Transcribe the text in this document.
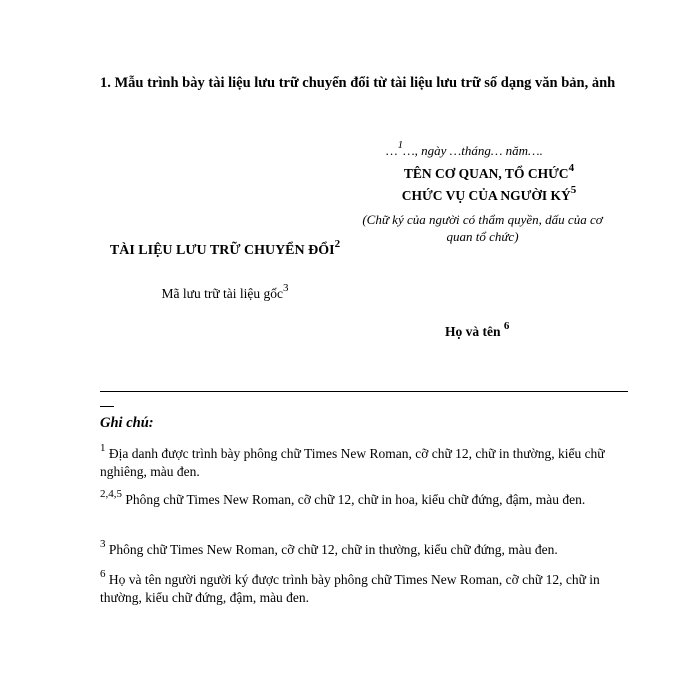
1. Mẫu trình bày tài liệu lưu trữ chuyển đổi từ tài liệu lưu trữ số dạng văn bản, ảnh
…$^1$…, ngày …tháng… năm….
TÊN CƠ QUAN, TỔ CHỨC$^4$
CHỨC VỤ CỦA NGƯỜI $KÝ^5$
(Chữ ký của người có thẩm quyền, dấu của cơ quan tổ chức)
TÀI LIỆU LƯU TRỮ CHUYỂN ĐỔI$^2$
Mã lưu trữ tài liệu gốc$^3$
Họ và tên $^6$
Ghi chú:
$^1$ Địa danh được trình bày phông chữ Times New Roman, cỡ chữ 12, chữ in thường, kiểu chữ nghiêng, màu đen.
$^{2,4,5}$ Phông chữ Times New Roman, cỡ chữ 12, chữ in hoa, kiểu chữ đứng, đậm, màu đen.
$^3$ Phông chữ Times New Roman, cỡ chữ 12, chữ in thường, kiểu chữ đứng, màu đen.
$^6$ Họ và tên người người ký được trình bày phông chữ Times New Roman, cỡ chữ 12, chữ in thường, kiểu chữ đứng, đậm, màu đen.
